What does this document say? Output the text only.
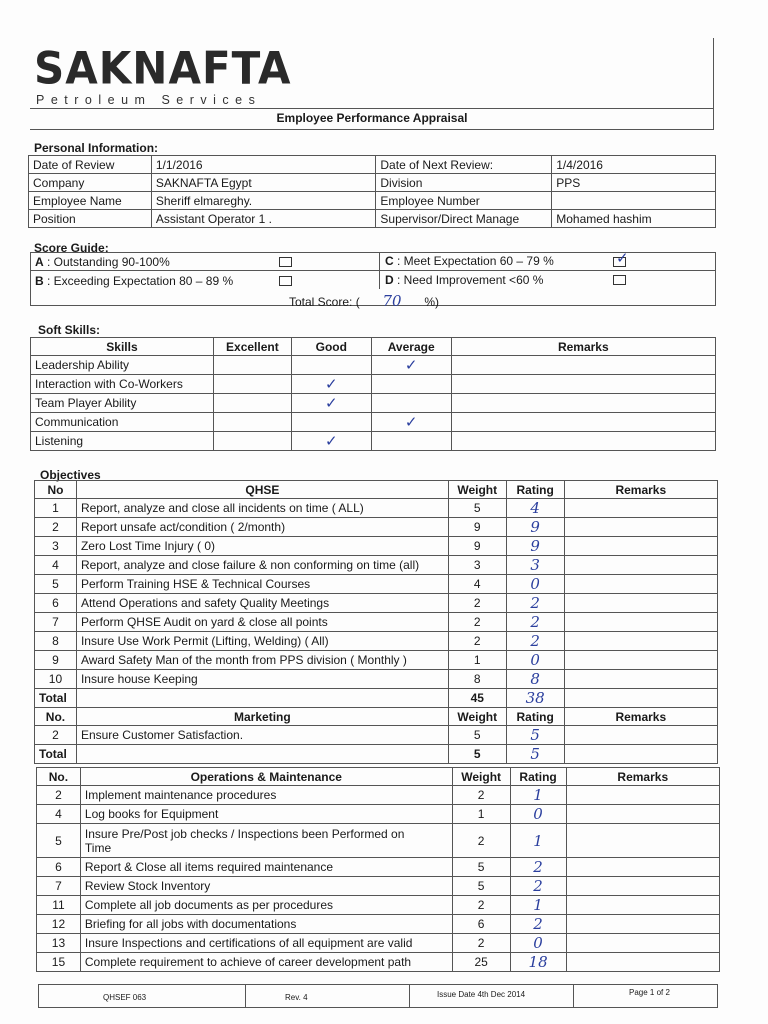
SAKNAFTA
Petroleum Services
Employee Performance Appraisal
Personal Information:
Date of Review	1/1/2016	Date of Next Review:	1/4/2016
Company	SAKNAFTA Egypt	Division	PPS
Employee Name	Sheriff elmareghy.	Employee Number	
Position	Assistant Operator 1 .	Supervisor/Direct Manage	Mohamed hashim
Score Guide:
A : Outstanding 90-100%	C : Meet Expectation 60 – 79 %	✓
B : Exceeding Expectation 80 – 89 %	D : Need Improvement <60 %
Total Score: ( 70 %)
Soft Skills:
Skills	Excellent	Good	Average	Remarks
Leadership Ability			✓	
Interaction with Co-Workers		✓		
Team Player Ability		✓		
Communication			✓	
Listening		✓		
Objectives
No	QHSE	Weight	Rating	Remarks
1	Report, analyze and close all incidents on time ( ALL)	5	4	
2	Report unsafe act/condition ( 2/month)	9	9	
3	Zero Lost Time Injury ( 0)	9	9	
4	Report, analyze and close failure & non conforming on time (all)	3	3	
5	Perform Training HSE & Technical Courses	4	0	
6	Attend Operations and safety Quality Meetings	2	2	
7	Perform QHSE Audit on yard & close all points	2	2	
8	Insure Use Work Permit (Lifting, Welding) ( All)	2	2	
9	Award Safety Man of the month from PPS division ( Monthly )	1	0	
10	Insure house Keeping	8	8	
Total		45	38	
No.	Marketing	Weight	Rating	Remarks
2	Ensure Customer Satisfaction.	5	5	
Total		5	5	
No.	Operations & Maintenance	Weight	Rating	Remarks
2	Implement maintenance procedures	2	1	
4	Log books for Equipment	1	0	
5	Insure Pre/Post job checks / Inspections been Performed on
Time	2	1	
6	Report & Close all items required maintenance	5	2	
7	Review Stock Inventory	5	2	
11	Complete all job documents as per procedures	2	1	
12	Briefing for all jobs with documentations	6	2	
13	Insure Inspections and certifications of all equipment are valid	2	0	
15	Complete requirement to achieve of career development path	25	18	
QHSEF 063	Rev. 4	Issue Date 4th Dec 2014	Page 1 of 2
